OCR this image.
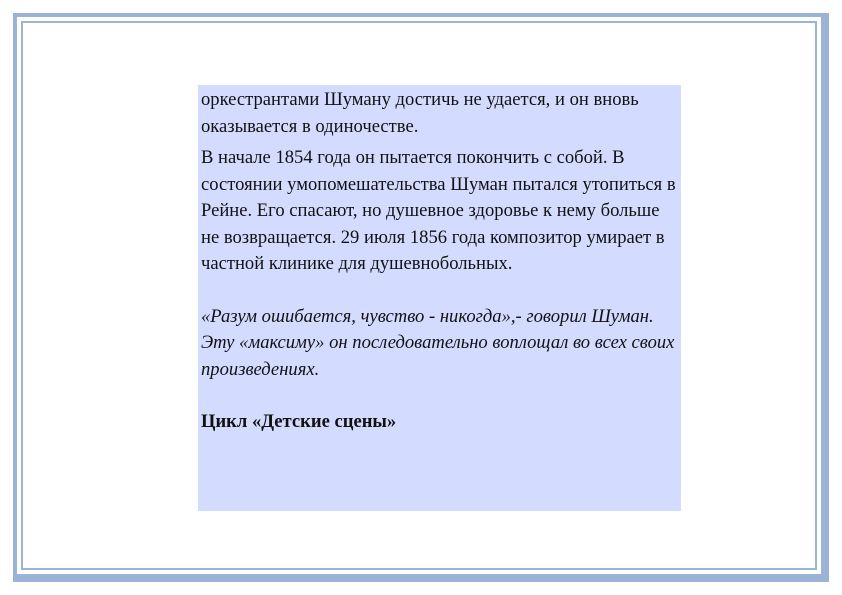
оркестрантами Шуману достичь не удается, и он вновь оказывается в одиночестве.

В начале 1854 года он пытается покончить с собой. В состоянии умопомешательства Шуман пытался утопиться в Рейне. Его спасают, но душевное здоровье к нему больше не возвращается. 29 июля 1856 года композитор умирает в частной клинике для душевнобольных.

«Разум ошибается, чувство - никогда»,- говорил Шуман.

Эту «максиму» он последовательно воплощал во всех своих произведениях.

Цикл «Детские сцены»
